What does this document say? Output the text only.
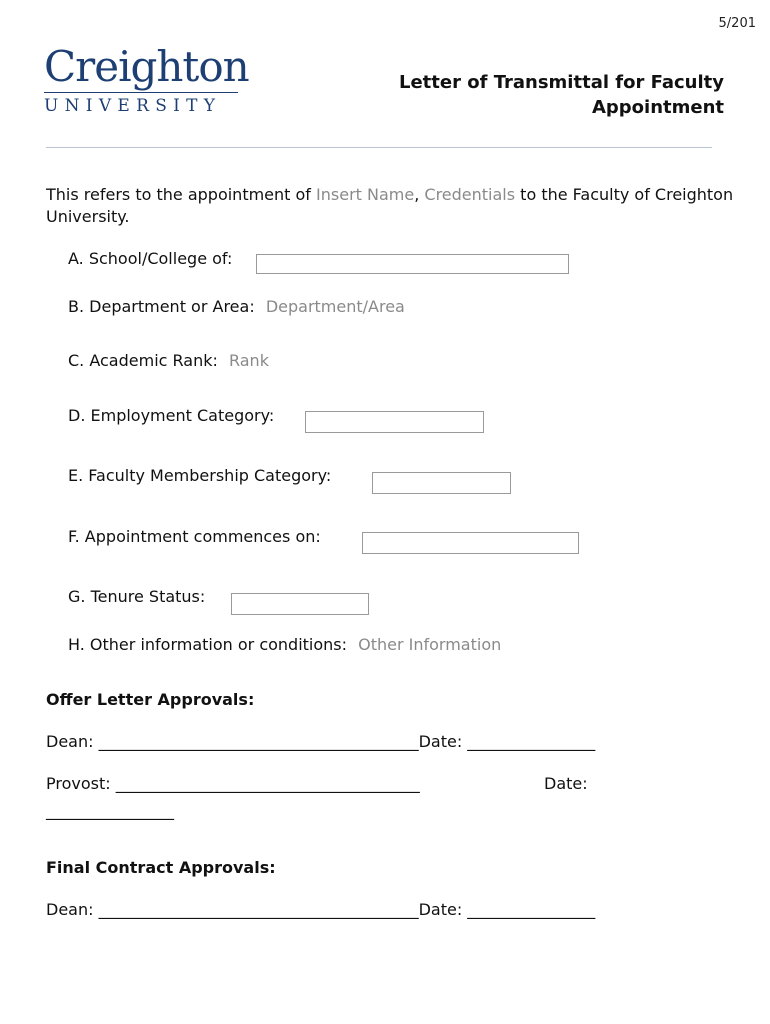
5/201
Creighton
UNIVERSITY
Letter of Transmittal for Faculty
Appointment
This refers to the appointment of Insert Name, Credentials to the Faculty of Creighton University.
A. School/College of:
B. Department or Area: Department/Area
C. Academic Rank: Rank
D. Employment Category:
E. Faculty Membership Category:
F. Appointment commences on:
G. Tenure Status:
H. Other information or conditions: Other Information
Offer Letter Approvals:
Dean: ________________________________________Date: ________________
Provost: ______________________________________	Date:
________________
Final Contract Approvals:
Dean: ________________________________________Date: ________________
